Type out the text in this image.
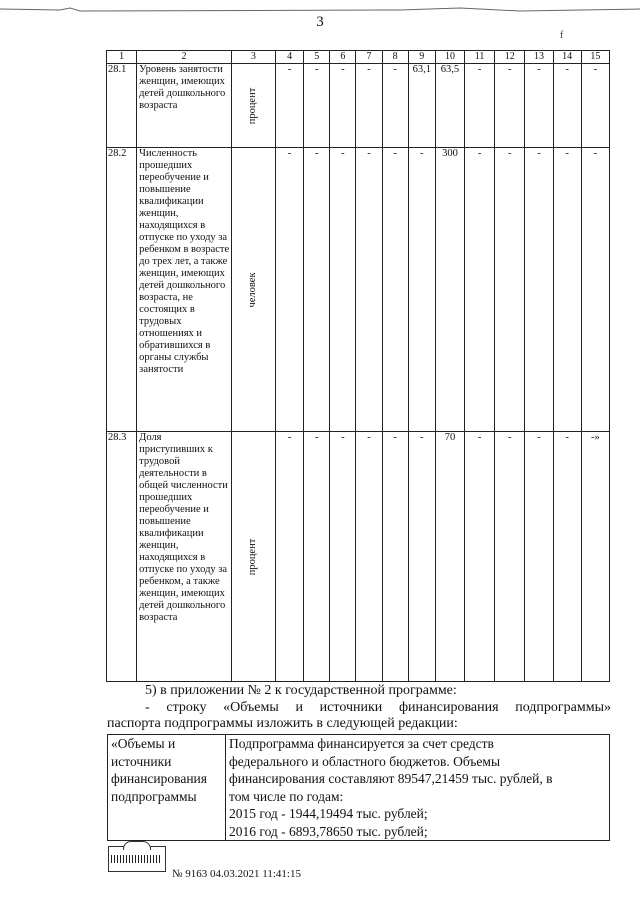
3
f
1	2	3	4	5	6	7	8	9	10	11	12	13	14	15
28.1	Уровень занятости женщин, имеющих детей дошкольного возраста	процент	-	-	-	-	-	63,1	63,5	-	-	-	-	-
28.2	Численность прошедших переобучение и повышение квалификации женщин, находящихся в отпуске по уходу за ребенком в возрасте до трех лет, а также женщин, имеющих детей дошкольного возраста, не состоящих в трудовых отношениях и обратившихся в органы службы занятости	человек	-	-	-	-	-	-	300	-	-	-	-	-
28.3	Доля приступивших к трудовой деятельности в общей численности прошедших переобучение и повышение квалификации женщин, находящихся в отпуске по уходу за ребенком, а также женщин, имеющих детей дошкольного возраста	процент	-	-	-	-	-	-	70	-	-	-	-	-»
5) в приложении № 2 к государственной программе:
- строку «Объемы и источники финансирования подпрограммы»
паспорта подпрограммы изложить в следующей редакции:
«Объемы и
источники
финансирования
подпрограммы

Подпрограмма финансируется за счет средств
федерального и областного бюджетов. Объемы
финансирования составляют 89547,21459 тыс. рублей, в
том числе по годам:
2015 год - 1944,19494 тыс. рублей;
2016 год - 6893,78650 тыс. рублей;
№ 9163 04.03.2021 11:41:15
